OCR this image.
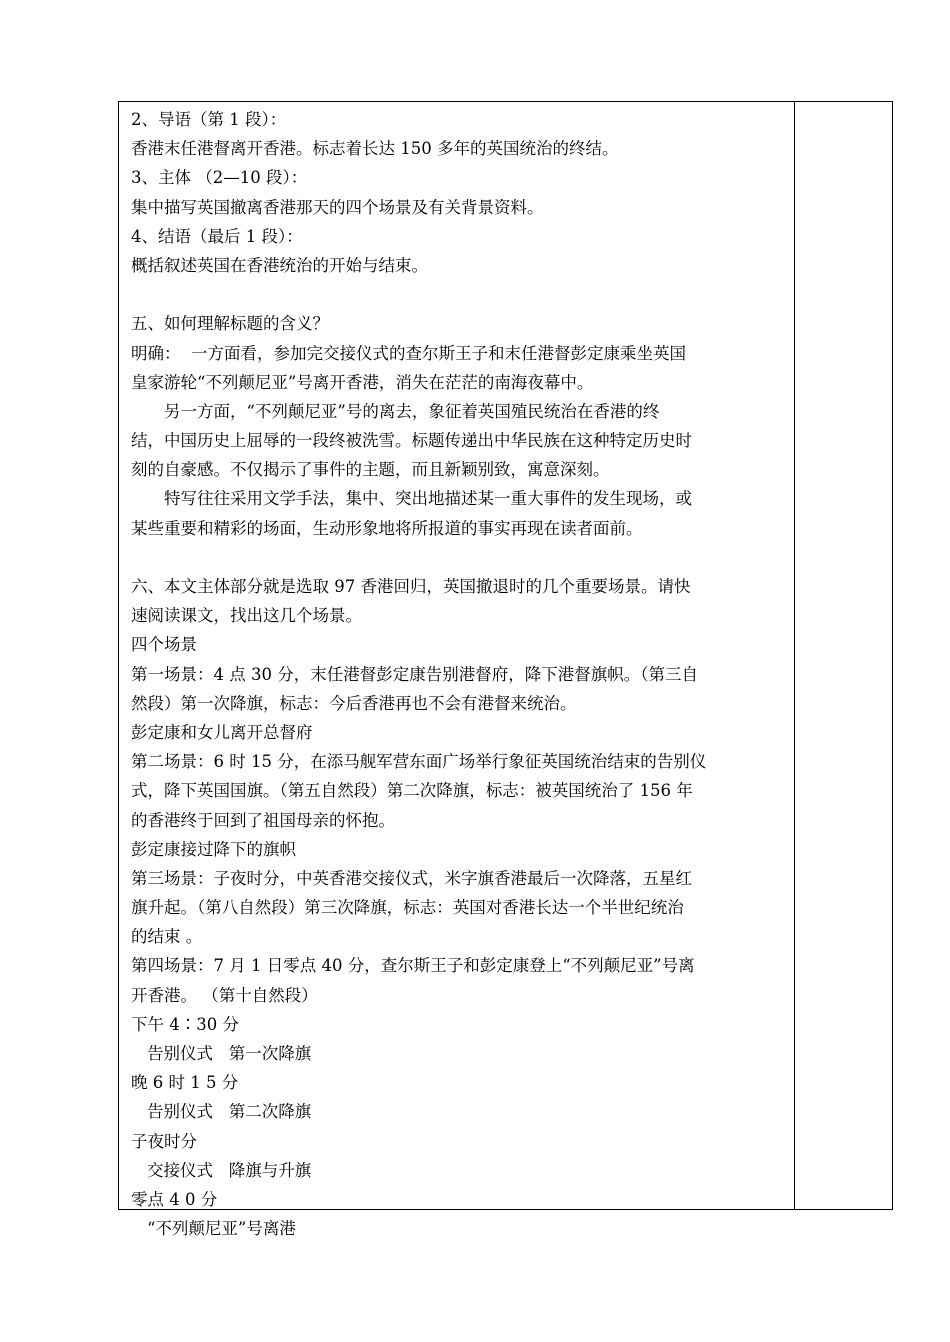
2、导语（第 1 段）：
香港末任港督离开香港。标志着长达 150 多年的英国统治的终结。
3、主体 （2—10 段）：
集中描写英国撤离香港那天的四个场景及有关背景资料。
4、结语（最后 1 段）：
概括叙述英国在香港统治的开始与结束。
五、如何理解标题的含义？
明确：  一方面看，参加完交接仪式的查尔斯王子和末任港督彭定康乘坐英国
皇家游轮“不列颠尼亚”号离开香港，消失在茫茫的南海夜幕中。
另一方面，“不列颠尼亚”号的离去，象征着英国殖民统治在香港的终
结，中国历史上屈辱的一段终被洗雪。标题传递出中华民族在这种特定历史时
刻的自豪感。不仅揭示了事件的主题，而且新颖别致，寓意深刻。
特写往往采用文学手法，集中、突出地描述某一重大事件的发生现场，或
某些重要和精彩的场面，生动形象地将所报道的事实再现在读者面前。
六、本文主体部分就是选取 97 香港回归，英国撤退时的几个重要场景。请快
速阅读课文，找出这几个场景。
四个场景
第一场景：4 点 30 分，末任港督彭定康告别港督府，降下港督旗帜。（第三自
然段）第一次降旗，标志：今后香港再也不会有港督来统治。
彭定康和女儿离开总督府
第二场景：6 时 15 分，在添马舰军营东面广场举行象征英国统治结束的告别仪
式，降下英国国旗。（第五自然段）第二次降旗，标志：被英国统治了 156 年
的香港终于回到了祖国母亲的怀抱。
彭定康接过降下的旗帜
第三场景：子夜时分，中英香港交接仪式，米字旗香港最后一次降落，五星红
旗升起。（第八自然段）第三次降旗，标志：英国对香港长达一个半世纪统治
的结束 。
第四场景：7 月 1 日零点 40 分，查尔斯王子和彭定康登上“不列颠尼亚”号离
开香港。 （第十自然段）
下午 4∶30 分
告别仪式   第一次降旗
晚 6 时 1 5 分
告别仪式   第二次降旗
子夜时分
交接仪式   降旗与升旗
零点 4 0 分
“不列颠尼亚”号离港
